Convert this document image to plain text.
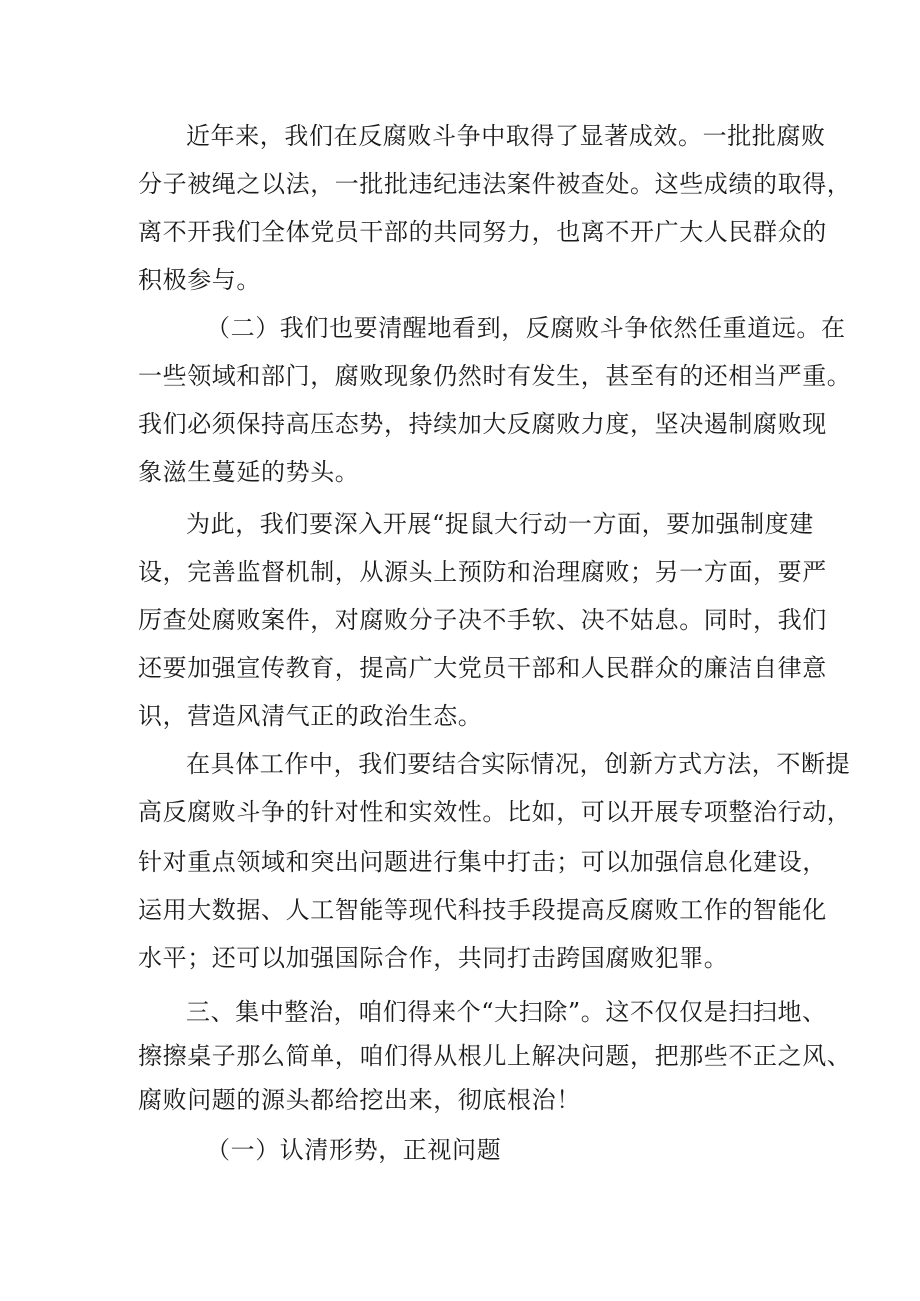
近年来，我们在反腐败斗争中取得了显著成效。一批批腐败
分子被绳之以法，一批批违纪违法案件被查处。这些成绩的取得，
离不开我们全体党员干部的共同努力，也离不开广大人民群众的
积极参与。
（二）我们也要清醒地看到，反腐败斗争依然任重道远。在
一些领域和部门，腐败现象仍然时有发生，甚至有的还相当严重。
我们必须保持高压态势，持续加大反腐败力度，坚决遏制腐败现
象滋生蔓延的势头。
为此，我们要深入开展“捉鼠大行动一方面，要加强制度建
设，完善监督机制，从源头上预防和治理腐败；另一方面，要严
厉查处腐败案件，对腐败分子决不手软、决不姑息。同时，我们
还要加强宣传教育，提高广大党员干部和人民群众的廉洁自律意
识，营造风清气正的政治生态。
在具体工作中，我们要结合实际情况，创新方式方法，不断提
高反腐败斗争的针对性和实效性。比如，可以开展专项整治行动，
针对重点领域和突出问题进行集中打击；可以加强信息化建设，
运用大数据、人工智能等现代科技手段提高反腐败工作的智能化
水平；还可以加强国际合作，共同打击跨国腐败犯罪。
三、集中整治，咱们得来个“大扫除”。这不仅仅是扫扫地、
擦擦桌子那么简单，咱们得从根儿上解决问题，把那些不正之风、
腐败问题的源头都给挖出来，彻底根治！
（一）认清形势，正视问题
